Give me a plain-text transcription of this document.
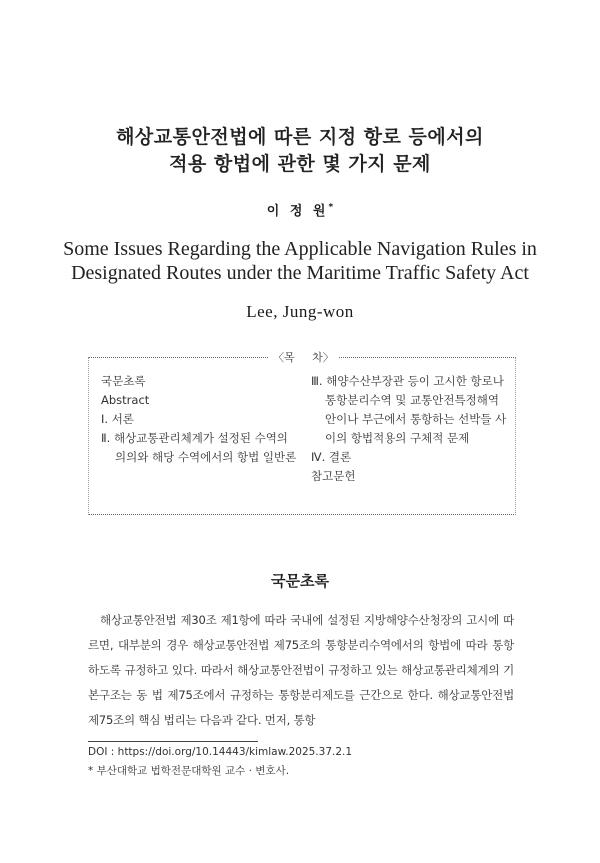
해상교통안전법에 따른 지정 항로 등에서의
적용 항법에 관한 몇 가지 문제
이 정 원*
Some Issues Regarding the Applicable Navigation Rules in
Designated Routes under the Maritime Traffic Safety Act
Lee, Jung-won
〈목 차〉
국문초록
Abstract
Ⅰ. 서론
Ⅱ. 해상교통관리체계가 설정된 수역의 의의와 해당 수역에서의 항법 일반론
Ⅲ. 해양수산부장관 등이 고시한 항로나 통항분리수역 및 교통안전특정해역 안이나 부근에서 통항하는 선박들 사이의 항법적용의 구체적 문제
Ⅳ. 결론
참고문헌
국문초록
해상교통안전법 제30조 제1항에 따라 국내에 설정된 지방해양수산청장의 고시에 따르면, 대부분의 경우 해상교통안전법 제75조의 통항분리수역에서의 항법에 따라 통항하도록 규정하고 있다. 따라서 해상교통안전법이 규정하고 있는 해상교통관리체계의 기본구조는 동 법 제75조에서 규정하는 통항분리제도를 근간으로 한다. 해상교통안전법 제75조의 핵심 법리는 다음과 같다. 먼저, 통항
DOI : https://doi.org/10.14443/kimlaw.2025.37.2.1
* 부산대학교 법학전문대학원 교수 · 변호사.
